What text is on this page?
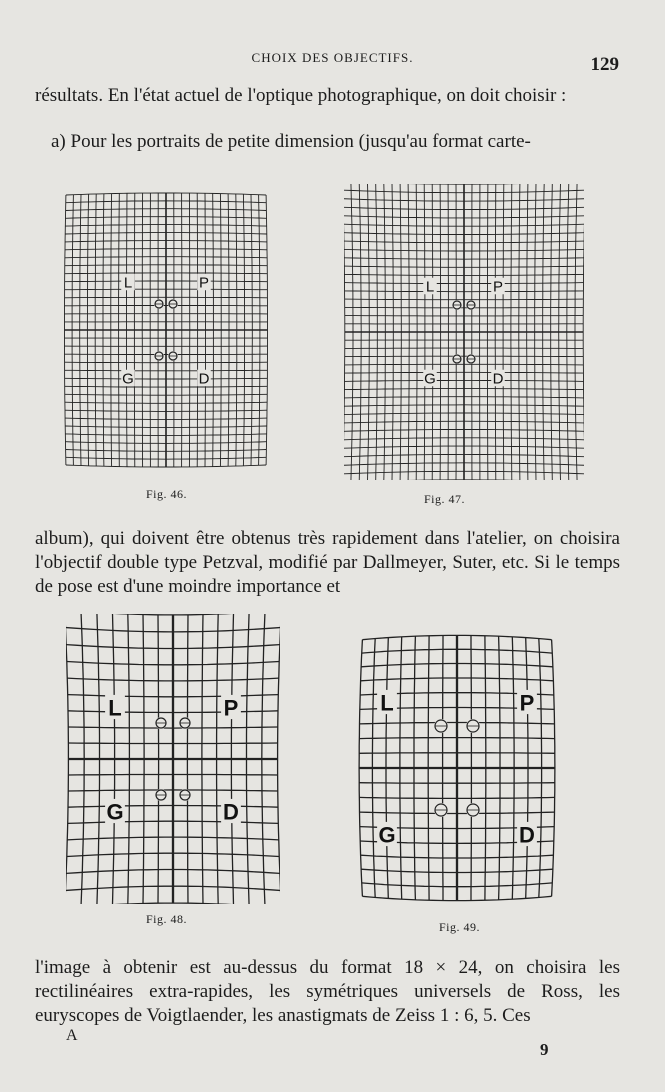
CHOIX DES OBJECTIFS.	129

résultats. En l'état actuel de l'optique photographique, on doit choisir :

a) Pour les portraits de petite dimension (jusqu'au format carte-

L	P
G	D
Fig. 46.
L	P
G	D
Fig. 47.

album), qui doivent être obtenus très rapidement dans l'atelier, on choisira l'objectif double type Petzval, modifié par Dallmeyer, Suter, etc. Si le temps de pose est d'une moindre importance et

L	P
G	D
Fig. 48.
L	P
G	D
Fig. 49.

l'image à obtenir est au-dessus du format 18 × 24, on choisira les rectilinéaires extra-rapides, les symétriques universels de Ross, les euryscopes de Voigtlaender, les anastigmats de Zeiss 1 : 6, 5. Ces

A
9
